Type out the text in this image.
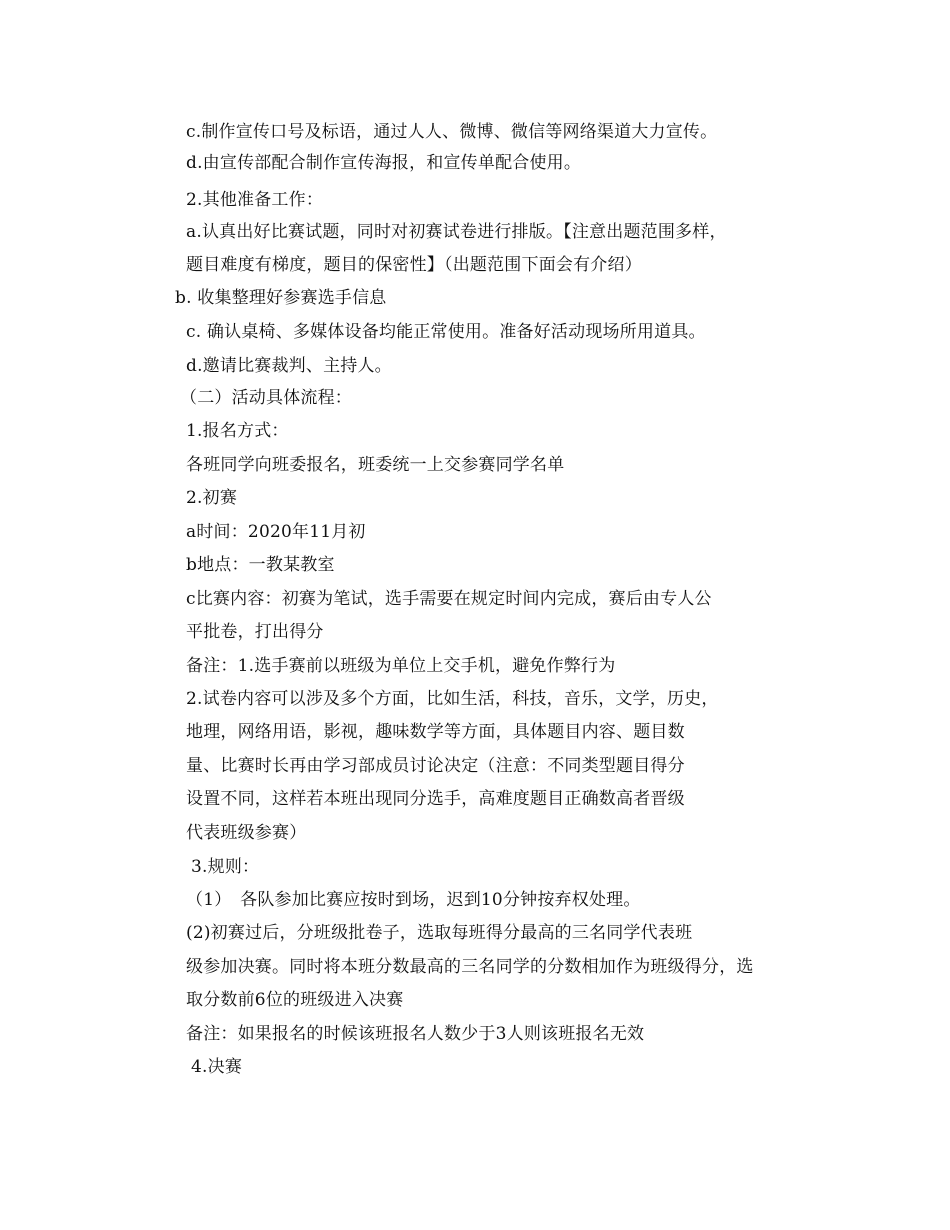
c.制作宣传口号及标语，通过人人、微博、微信等网络渠道大力宣传。
d.由宣传部配合制作宣传海报，和宣传单配合使用。
2.其他准备工作：
a.认真出好比赛试题，同时对初赛试卷进行排版。【注意出题范围多样，
题目难度有梯度，题目的保密性】（出题范围下面会有介绍）
b. 收集整理好参赛选手信息
c. 确认桌椅、多媒体设备均能正常使用。准备好活动现场所用道具。
d.邀请比赛裁判、主持人。
（二）活动具体流程：
1.报名方式：
各班同学向班委报名，班委统一上交参赛同学名单
2.初赛
a时间：2020年11月初
b地点：一教某教室
c比赛内容：初赛为笔试，选手需要在规定时间内完成，赛后由专人公
平批卷，打出得分
备注：1.选手赛前以班级为单位上交手机，避免作弊行为
2.试卷内容可以涉及多个方面，比如生活，科技，音乐，文学，历史，
地理，网络用语，影视，趣味数学等方面，具体题目内容、题目数
量、比赛时长再由学习部成员讨论决定（注意：不同类型题目得分
设置不同，这样若本班出现同分选手，高难度题目正确数高者晋级
代表班级参赛）
3.规则：
（1）　各队参加比赛应按时到场，迟到10分钟按弃权处理。
(2)初赛过后，分班级批卷子，选取每班得分最高的三名同学代表班
级参加决赛。同时将本班分数最高的三名同学的分数相加作为班级得分，选
取分数前6位的班级进入决赛
备注：如果报名的时候该班报名人数少于3人则该班报名无效
4.决赛
